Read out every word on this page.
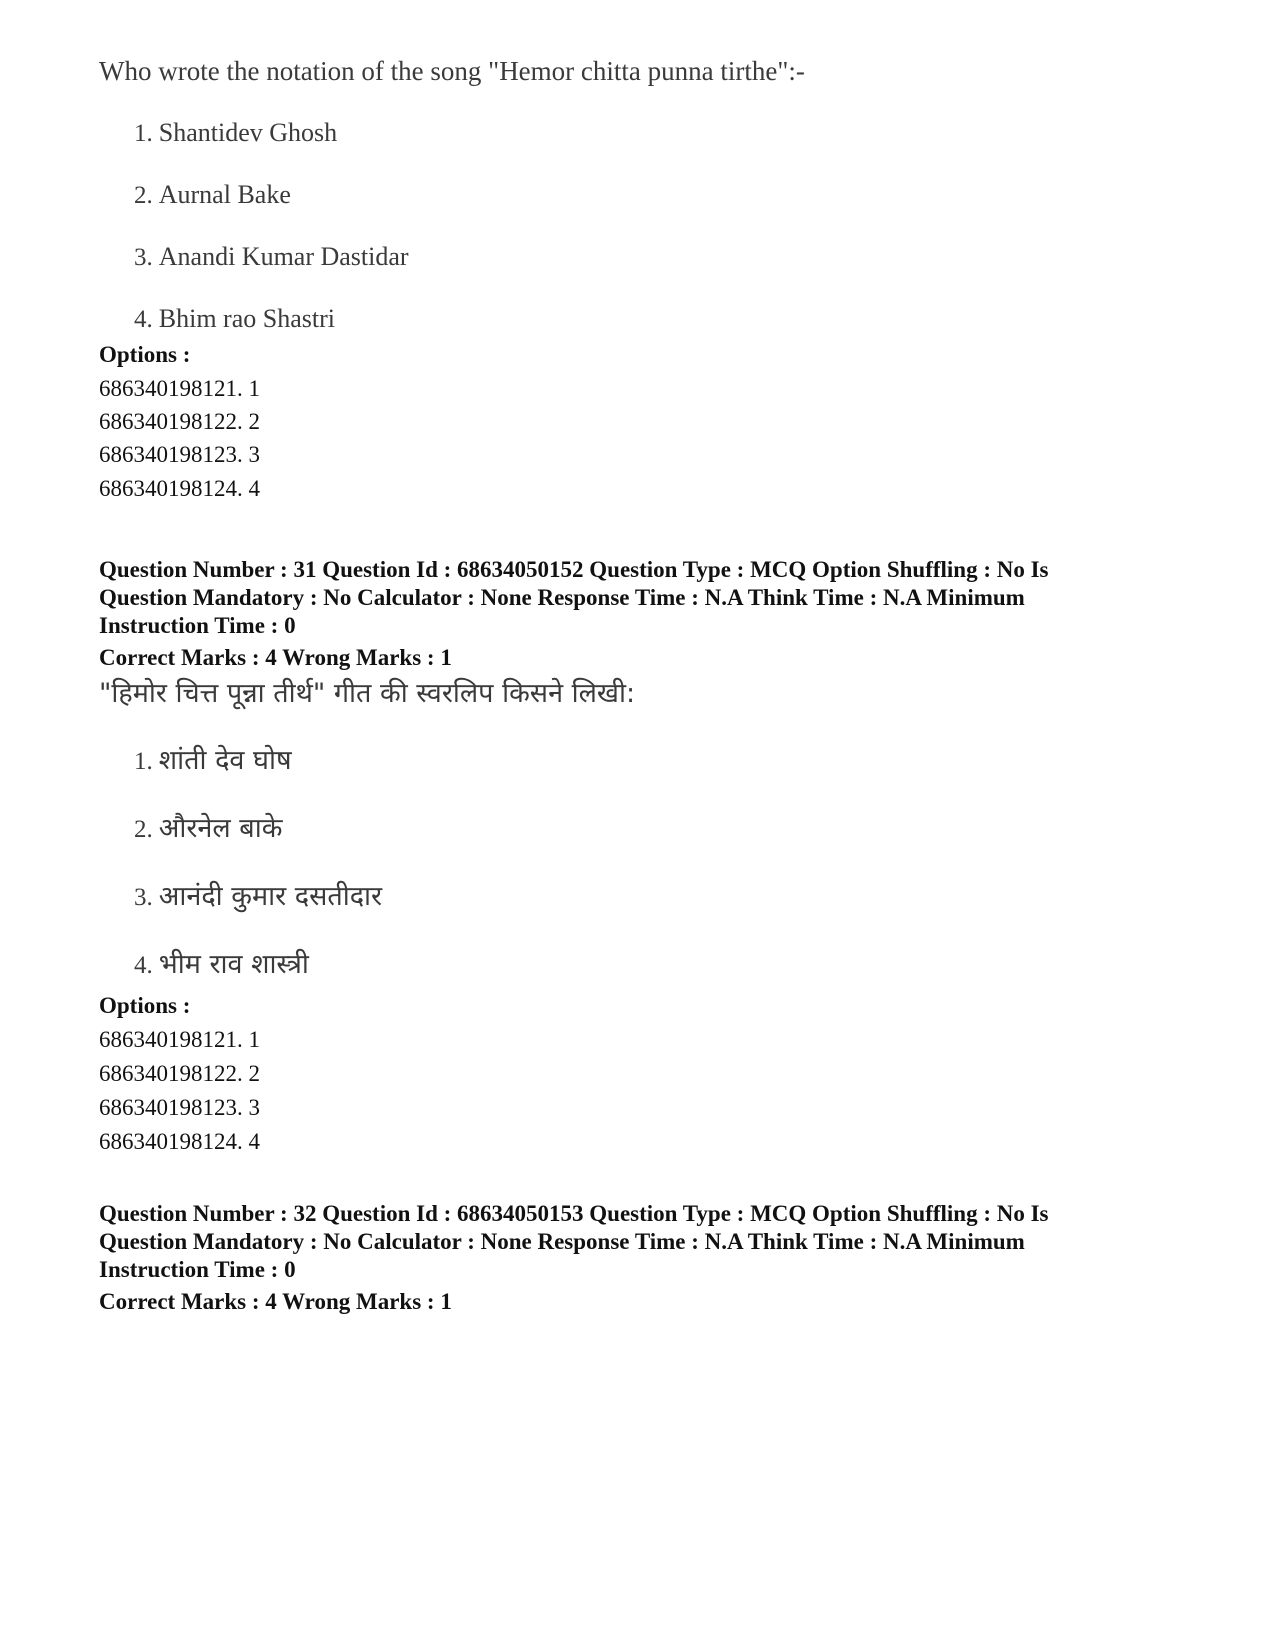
Who wrote the notation of the song "Hemor chitta punna tirthe":-
1. Shantidev Ghosh
2. Aurnal Bake
3. Anandi Kumar Dastidar
4. Bhim rao Shastri
Options :
686340198121. 1
686340198122. 2
686340198123. 3
686340198124. 4
Question Number : 31 Question Id : 68634050152 Question Type : MCQ Option Shuffling : No Is
Question Mandatory : No Calculator : None Response Time : N.A Think Time : N.A Minimum
Instruction Time : 0
Correct Marks : 4 Wrong Marks : 1
"हिमोर चित्त पून्ना तीर्थ" गीत की स्वरलिप किसने लिखी:
1. शांती देव घोष
2. औरनेल बाके
3. आनंदी कुमार दसतीदार
4. भीम राव शास्त्री
Options :
686340198121. 1
686340198122. 2
686340198123. 3
686340198124. 4
Question Number : 32 Question Id : 68634050153 Question Type : MCQ Option Shuffling : No Is
Question Mandatory : No Calculator : None Response Time : N.A Think Time : N.A Minimum
Instruction Time : 0
Correct Marks : 4 Wrong Marks : 1
